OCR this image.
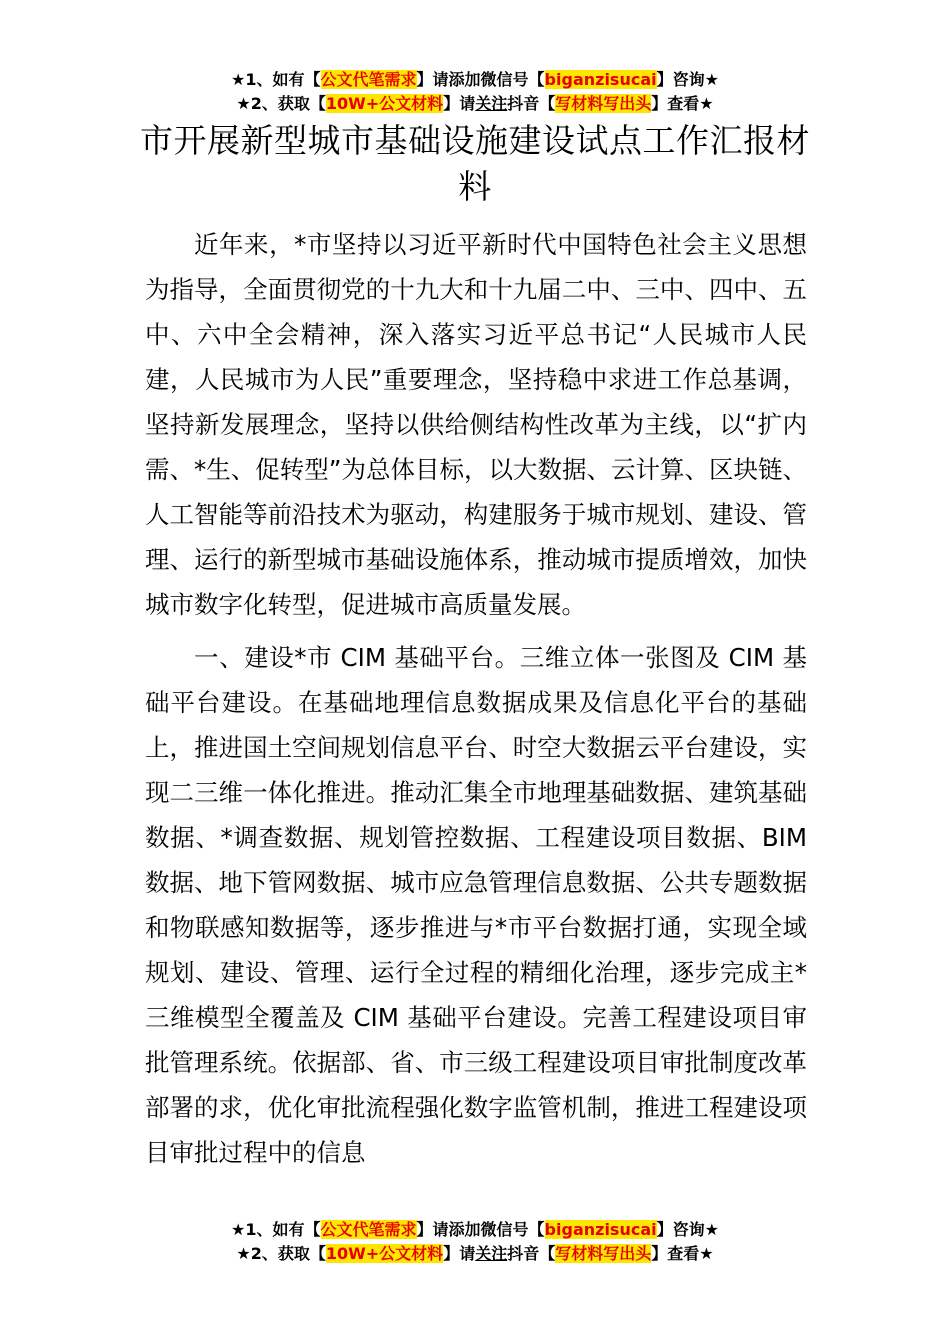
★1、如有【公文代笔需求】请添加微信号【biganzisucai】咨询★
★2、获取【10W+公文材料】请关注抖音【写材料写出头】查看★
市开展新型城市基础设施建设试点工作汇报材料

近年来，*市坚持以习近平新时代中国特色社会主义思想为指导，全面贯彻党的十九大和十九届二中、三中、四中、五中、六中全会精神，深入落实习近平总书记“人民城市人民建，人民城市为人民”重要理念，坚持稳中求进工作总基调，坚持新发展理念，坚持以供给侧结构性改革为主线，以“扩内需、*生、促转型”为总体目标，以大数据、云计算、区块链、人工智能等前沿技术为驱动，构建服务于城市规划、建设、管理、运行的新型城市基础设施体系，推动城市提质增效，加快城市数字化转型，促进城市高质量发展。

一、建设*市 CIM 基础平台。三维立体一张图及 CIM 基础平台建设。在基础地理信息数据成果及信息化平台的基础上，推进国土空间规划信息平台、时空大数据云平台建设，实现二三维一体化推进。推动汇集全市地理基础数据、建筑基础数据、*调查数据、规划管控数据、工程建设项目数据、BIM 数据、地下管网数据、城市应急管理信息数据、公共专题数据和物联感知数据等，逐步推进与*市平台数据打通，实现全域规划、建设、管理、运行全过程的精细化治理，逐步完成主*三维模型全覆盖及 CIM 基础平台建设。完善工程建设项目审批管理系统。依据部、省、市三级工程建设项目审批制度改革部署的求，优化审批流程强化数字监管机制，推进工程建设项目审批过程中的信息

★1、如有【公文代笔需求】请添加微信号【biganzisucai】咨询★
★2、获取【10W+公文材料】请关注抖音【写材料写出头】查看★
